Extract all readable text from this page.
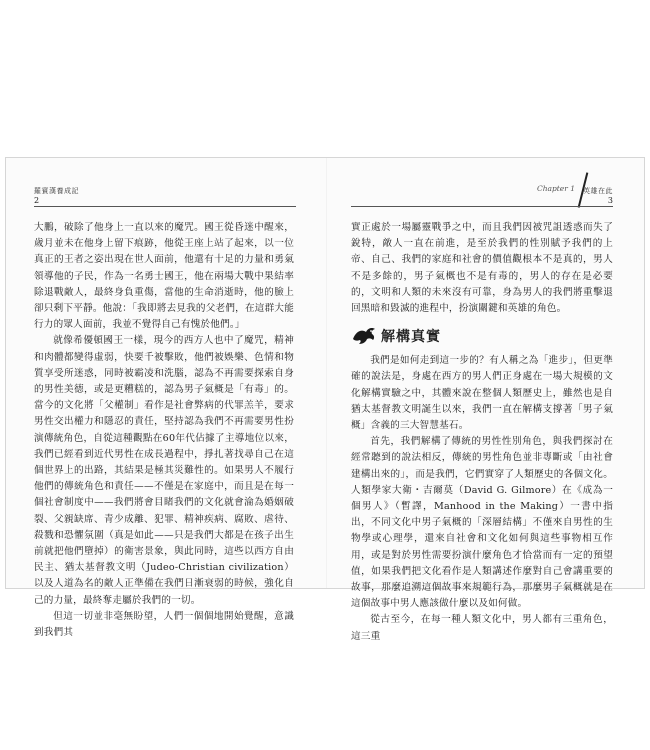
羅賓漢養成記
2

大鵬，破除了他身上一直以來的魔咒。國王從昏迷中醒來，歲月並未在他身上留下痕跡，他從王座上站了起來，以一位真正的王者之姿出現在世人面前，他還有十足的力量和勇氣領導他的子民，作為一名勇士國王，他在兩場大戰中果結率除退戰敵人，最終身負重傷，當他的生命消逝時，他的臉上卻只剩下平靜。他說：「我即將去見我的父老們，在這群大能行力的眾人面前，我並不覺得自己有愧於他們。」

就像希優頓國王一樣，現今的西方人也中了魔咒，精神和肉體都變得虛弱，快要千被擊敗，他們被娛樂、色情和物質享受所迷惑，同時被霸凌和洗腦，認為不再需要探索自身的男性美德，或是更糟糕的，認為男子氣概是「有毒」的。當今的文化將「父權制」看作是社會弊病的代罪羔羊，要求男性交出權力和隱忍的責任，堅持認為我們不再需要男性扮演傳統角色，自從這種觀點在60年代佔據了主導地位以來，我們已經看到近代男性在成長過程中，掙扎著找尋自己在這個世界上的出路，其結果是極其災難性的。如果男人不履行他們的傳統角色和責任——不僅是在家庭中，而且是在每一個社會制度中——我們將會目睹我們的文化就會淪為婚姻破裂、父親缺席、青少成離、犯罪、精神疾病、腐敗、虐待、殺戮和恐懼氛圍（真是如此——只是我們大都是在孩子出生前就把他們墮掉）的衛害景象，與此同時，這些以西方自由民主、猶太基督教文明（Judeo-Christian civilization）以及人道為名的敵人正準備在我們日漸衰弱的時候，強化自己的力量，最終奪走屬於我們的一切。

但這一切並非毫無盼望，人們一個個地開始覺醒，意識到我們其

Chapter 1 英雄在此
3

實正處於一場屬靈戰爭之中，而且我們因被咒詛透惑而失了銳特，敵人一直在前進，是至於我們的性別賦予我們的上帝、自己、我們的家庭和社會的價值觀根本不是真的，男人不是多餘的，男子氣概也不是有毒的，男人的存在是必要的，文明和人類的未來沒有可靠，身為男人的我們將重擊退回黑暗和毀滅的進程中，扮演關鍵和英雄的角色。

解構真實

我們是如何走到這一步的？有人稱之為「進步」，但更準確的說法是，身處在西方的男人們正身處在一場大規模的文化解構實驗之中，其體來說在整個人類歷史上，雖然也是自猶太基督教文明誕生以來，我們一直在解構支撐著「男子氣概」含義的三大智慧基石。

首先，我們解構了傳統的男性性別角色，與我們探討在經常聽到的說法相反，傳統的男性角色並非專斷或「由社會建構出來的」，而是我們，它們實穿了人類歷史的各個文化。人類學家大衛・吉爾莫（David G. Gilmore）在《成為一個男人》（暫譯，Manhood in the Making）一書中指出，不同文化中男子氣概的「深層結構」不僅來自男性的生物學或心理學，還來自社會和文化如何與這些事物相互作用，或是對於男性需要扮演什麼角色才恰當而有一定的預望值，如果我們把文化看作是人類講述作麼對自己會講重要的故事，那麼追溯這個故事來規範行為，那麼男子氣概就是在這個故事中男人應該做什麼以及如何做。

從古至今，在每一種人類文化中，男人都有三重角色，這三重
